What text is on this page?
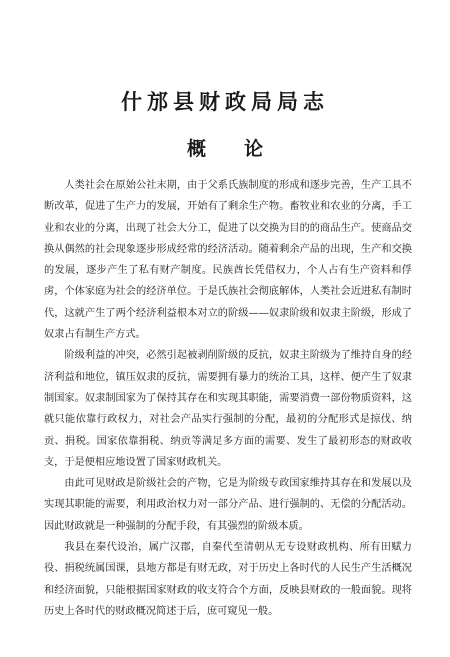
什邡县财政局局志
概 论

人类社会在原始公社末期，由于父系氏族制度的形成和逐步完善，生产工具不断改革，促进了生产力的发展，开始有了剩余生产物。畜牧业和农业的分离，手工业和农业的分离，出现了社会大分工，促进了以交换为目的的商品生产。使商品交换从偶然的社会现象逐步形成经常的经济活动。随着剩余产品的出现，生产和交换的发展，逐步产生了私有财产制度。民族酋长凭借权力，个人占有生产资料和俘虏，个体家庭为社会的经济单位。于是氏族社会彻底解体，人类社会近进私有制时代，这就产生了两个经济利益根本对立的阶级——奴隶阶级和奴隶主阶级，形成了奴隶占有制生产方式。

阶级利益的冲突，必然引起被剥削阶级的反抗，奴隶主阶级为了维持自身的经济利益和地位，镇压奴隶的反抗，需要拥有暴力的统治工具，这样、便产生了奴隶制国家。奴隶制国家为了保持其存在和实现其职能，需要消费一部份物质资料，这就只能依靠行政权力，对社会产品实行强制的分配，最初的分配形式是掠伐、纳贡、捐税。国家依靠捐税、纳贡等满足多方面的需要、发生了最初形态的财政收支，于是便相应地设置了国家财政机关。

由此可见财政是阶级社会的产物，它是为阶级专政国家维持其存在和发展以及实现其职能的需要，利用政治权力对一部分产品、进行强制的、无偿的分配活动。因此财政就是一种强制的分配手段，有其强烈的阶级本质。

我县在秦代设治，属广汉郡，自秦代至清朝从无专设财政机构、所有田赋力役、捐税统属国课，县地方都是有财无政，对于历史上各时代的人民生产生活概况和经济面貌，只能根据国家财政的收支符合个方面，反映县财政的一般面貌。现将历史上各时代的财政概况简述于后，庶可窥见一般。
